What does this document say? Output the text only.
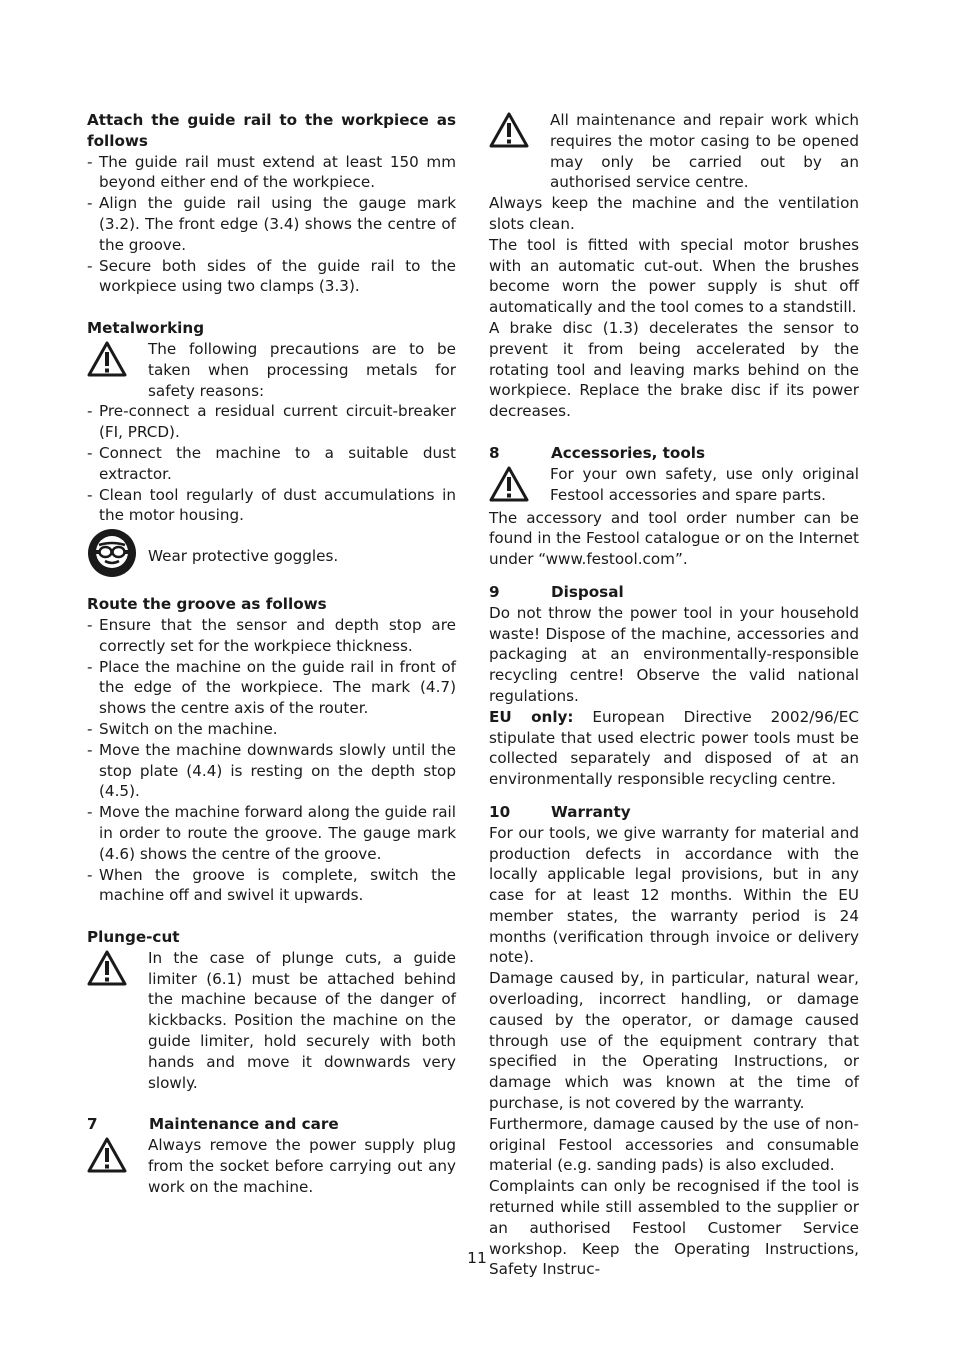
Attach the guide rail to the workpiece as follows
- The guide rail must extend at least 150 mm beyond either end of the workpiece.
- Align the guide rail using the gauge mark (3.2). The front edge (3.4) shows the centre of the groove.
- Secure both sides of the guide rail to the workpiece using two clamps (3.3).
Metalworking
The following precautions are to be taken when processing metals for safety reasons:
- Pre-connect a residual current circuit-breaker (FI, PRCD).
- Connect the machine to a suitable dust extractor.
- Clean tool regularly of dust accumulations in the motor housing.
Wear protective goggles.
Route the groove as follows
- Ensure that the sensor and depth stop are correctly set for the workpiece thickness.
- Place the machine on the guide rail in front of the edge of the workpiece. The mark (4.7) shows the centre axis of the router.
- Switch on the machine.
- Move the machine downwards slowly until the stop plate (4.4) is resting on the depth stop (4.5).
- Move the machine forward along the guide rail in order to route the groove. The gauge mark (4.6) shows the centre of the groove.
- When the groove is complete, switch the machine off and swivel it upwards.
Plunge-cut
In the case of plunge cuts, a guide limiter (6.1) must be attached behind the machine because of the danger of kickbacks. Position the machine on the guide limiter, hold securely with both hands and move it downwards very slowly.
7	Maintenance and care
Always remove the power supply plug from the socket before carrying out any work on the machine.
All maintenance and repair work which requires the motor casing to be opened may only be carried out by an authorised service centre.
Always keep the machine and the ventilation slots clean.
The tool is fitted with special motor brushes with an automatic cut-out. When the brushes become worn the power supply is shut off automatically and the tool comes to a standstill.
A brake disc (1.3) decelerates the sensor to prevent it from being accelerated by the rotating tool and leaving marks behind on the workpiece. Replace the brake disc if its power decreases.
8	Accessories, tools
For your own safety, use only original Festool accessories and spare parts.
The accessory and tool order number can be found in the Festool catalogue or on the Internet under “www.festool.com”.
9	Disposal
Do not throw the power tool in your household waste! Dispose of the machine, accessories and packaging at an environmentally-responsible recycling centre! Observe the valid national regulations.
EU only: European Directive 2002/96/EC stipulate that used electric power tools must be collected separately and disposed of at an environmentally responsible recycling centre.
10	Warranty
For our tools, we give warranty for material and production defects in accordance with the locally applicable legal provisions, but in any case for at least 12 months. Within the EU member states, the warranty period is 24 months (verification through invoice or delivery note).
Damage caused by, in particular, natural wear, overloading, incorrect handling, or damage caused by the operator, or damage caused through use of the equipment contrary that specified in the Operating Instructions, or damage which was known at the time of purchase, is not covered by the warranty.
Furthermore, damage caused by the use of non-original Festool accessories and consumable material (e.g. sanding pads) is also excluded.
Complaints can only be recognised if the tool is returned while still assembled to the supplier or an authorised Festool Customer Service workshop. Keep the Operating Instructions, Safety Instruc-
11
